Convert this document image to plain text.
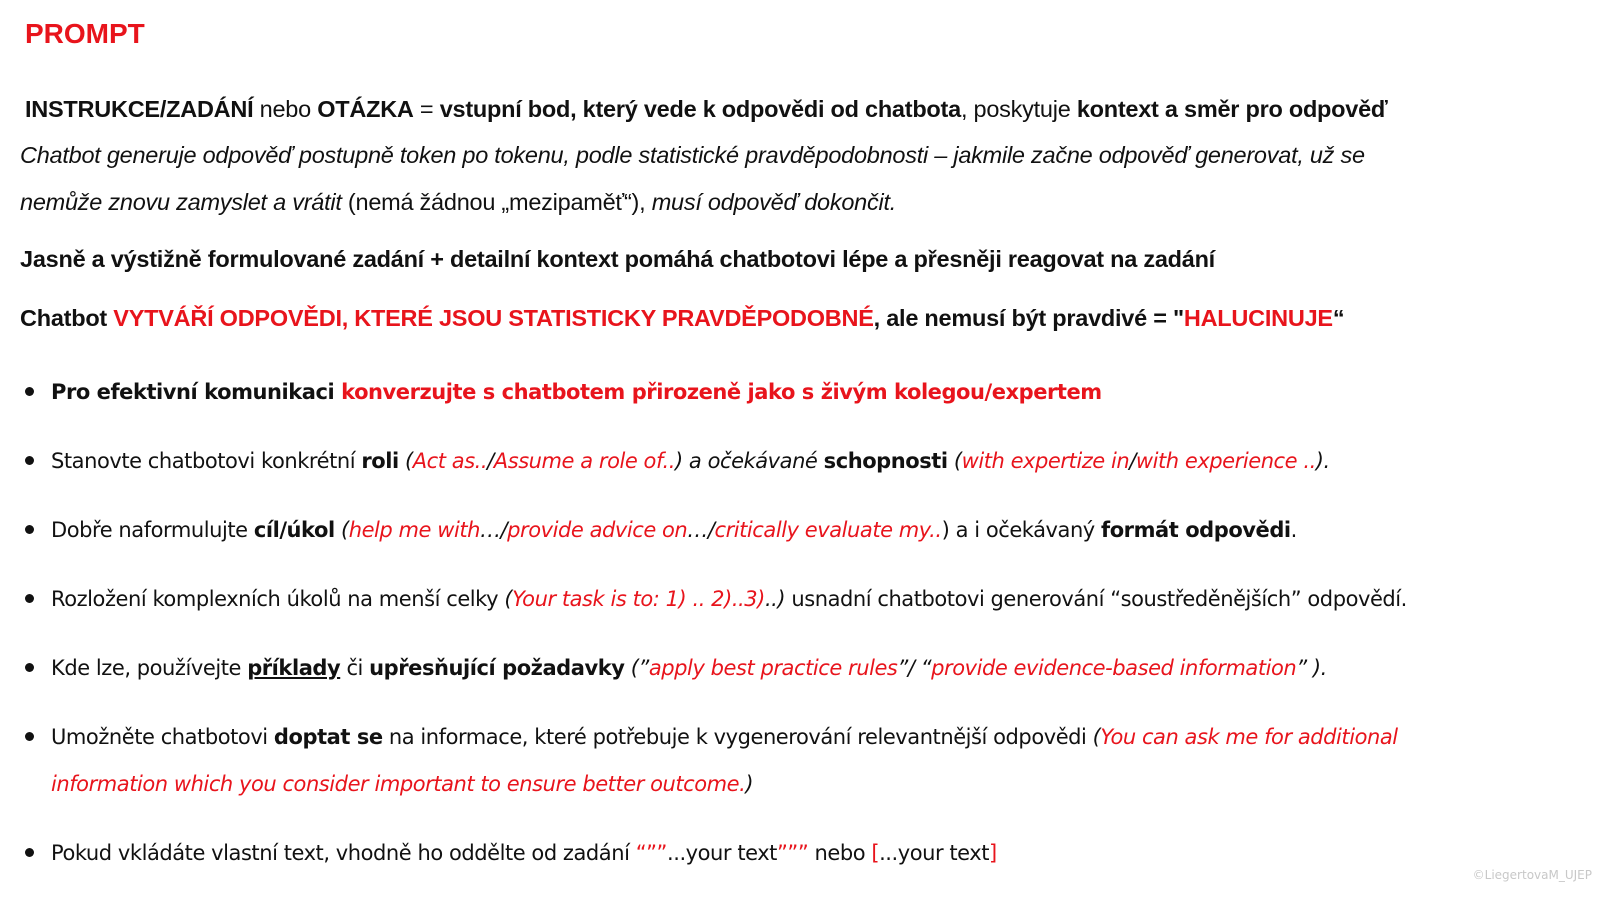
PROMPT
INSTRUKCE/ZADÁNÍ nebo OTÁZKA = vstupní bod, který vede k odpovědi od chatbota, poskytuje kontext a směr pro odpověď
Chatbot generuje odpověď postupně token po tokenu, podle statistické pravděpodobnosti – jakmile začne odpověď generovat, už se
nemůže znovu zamyslet a vrátit (nemá žádnou „mezipaměť“), musí odpověď dokončit.
Jasně a výstižně formulované zadání + detailní kontext pomáhá chatbotovi lépe a přesněji reagovat na zadání
Chatbot VYTVÁŘÍ ODPOVĚDI, KTERÉ JSOU STATISTICKY PRAVDĚPODOBNÉ, ale nemusí být pravdivé = "HALUCINUJE“
Pro efektivní komunikaci konverzujte s chatbotem přirozeně jako s živým kolegou/expertem
Stanovte chatbotovi konkrétní roli (Act as../Assume a role of..) a očekávané schopnosti (with expertize in/with experience ..).
Dobře naformulujte cíl/úkol (help me with…/provide advice on…/critically evaluate my..) a i očekávaný formát odpovědi.
Rozložení komplexních úkolů na menší celky (Your task is to: 1) .. 2)..3)..) usnadní chatbotovi generování “soustředěnějších” odpovědí.
Kde lze, používejte příklady či upřesňující požadavky (”apply best practice rules”/ “provide evidence-based information” ).
Umožněte chatbotovi doptat se na informace, které potřebuje k vygenerování relevantnější odpovědi (You can ask me for additional
information which you consider important to ensure better outcome.)
Pokud vkládáte vlastní text, vhodně ho oddělte od zadání “””...your text””” nebo [...your text]
©LiegertovaM_UJEP
